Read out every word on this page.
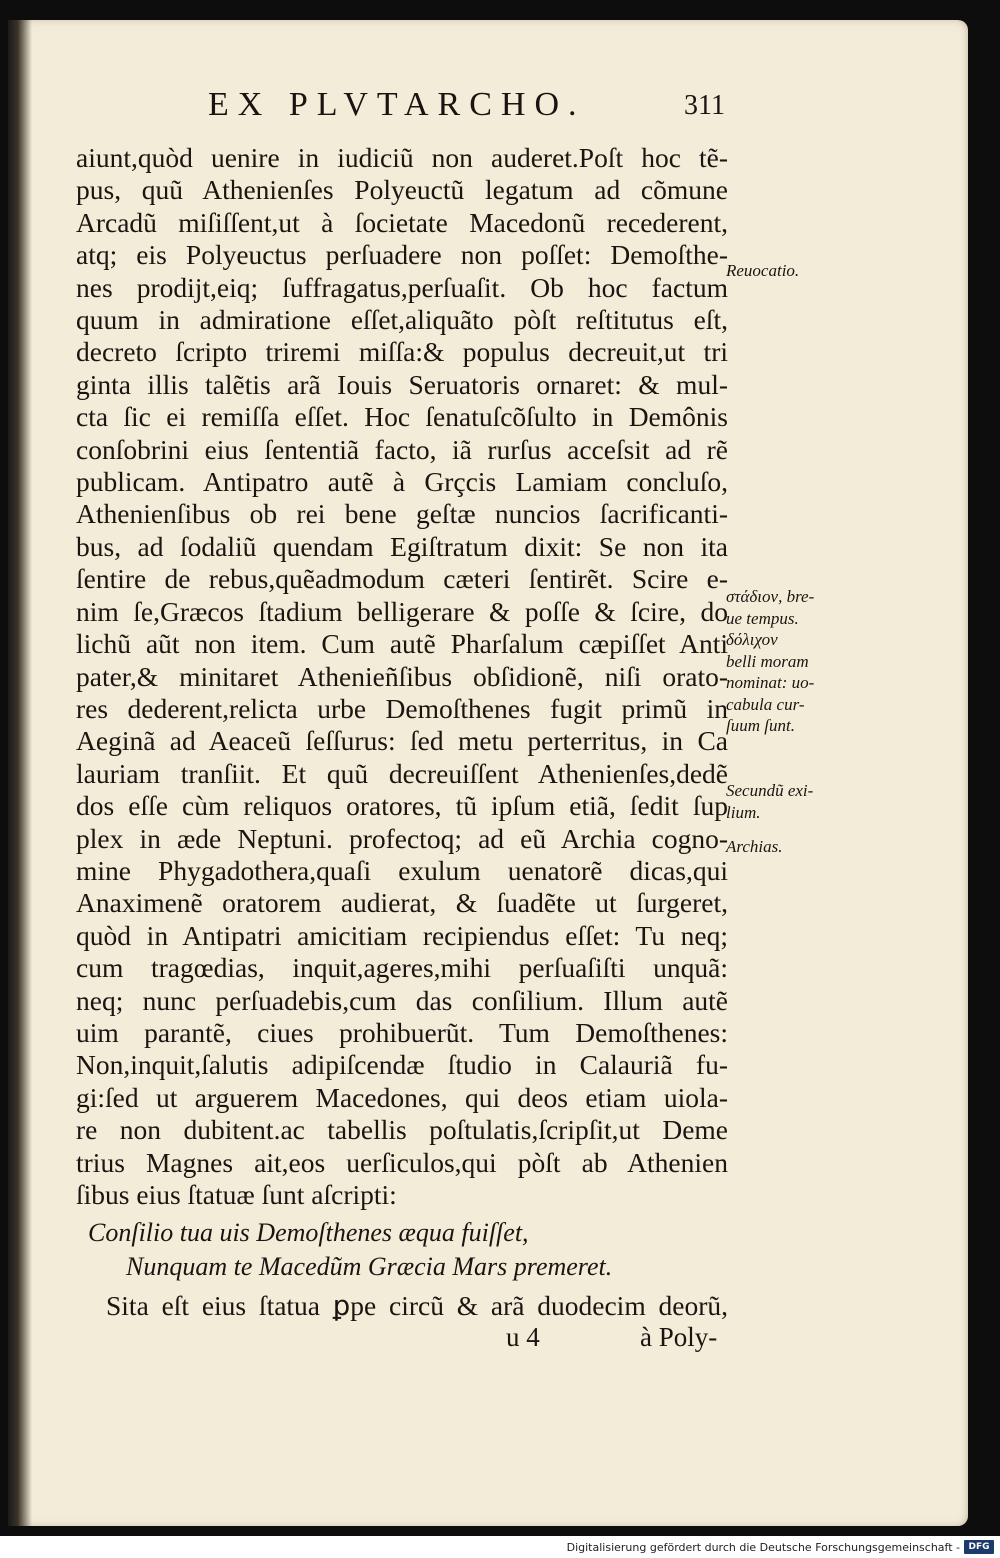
EX PLVTARCHO.	311
aiunt,quòd uenire in iudiciũ non auderet.Poſt hoc tẽ-
pus, quũ Athenienſes Polyeuctũ legatum ad cõmune
Arcadũ miſiſſent,ut à ſocietate Macedonũ recederent,
atq; eis Polyeuctus perſuadere non poſſet: Demoſthe-
nes prodijt,eiq; ſuffragatus,perſuaſit. Ob hoc factum
quum in admiratione eſſet,aliquãto pòſt reſtitutus eſt,
decreto ſcripto triremi miſſa:& populus decreuit,ut tri
ginta illis talẽtis arã Iouis Seruatoris ornaret: & mul-
cta ſic ei remiſſa eſſet. Hoc ſenatuſcõſulto in Demônis
conſobrini eius ſententiã facto, iã rurſus acceſsit ad rẽ
publicam. Antipatro autẽ à Grçcis Lamiam concluſo,
Athenienſibus ob rei bene geſtæ nuncios ſacrificanti-
bus, ad ſodaliũ quendam Egiſtratum dixit: Se non ita
ſentire de rebus,quẽadmodum cæteri ſentirẽt. Scire e-
nim ſe,Græcos ſtadium belligerare & poſſe & ſcire, do
lichũ aũt non item. Cum autẽ Pharſalum cæpiſſet Anti
pater,& minitaret Athenieñſibus obſidionẽ, niſi orato-
res dederent,relicta urbe Demoſthenes fugit primũ in
Aeginã ad Aeaceũ ſeſſurus: ſed metu perterritus, in Ca
lauriam tranſiit. Et quũ decreuiſſent Athenienſes,dedẽ
dos eſſe cùm reliquos oratores, tũ ipſum etiã, ſedit ſup
plex in æde Neptuni. profectoq; ad eũ Archia cogno-
mine Phygadothera,quaſi exulum uenatorẽ dicas,qui
Anaximenẽ oratorem audierat, & ſuadẽte ut ſurgeret,
quòd in Antipatri amicitiam recipiendus eſſet: Tu neq;
cum tragœdias, inquit,ageres,mihi perſuaſiſti unquã:
neq; nunc perſuadebis,cum das conſilium. Illum autẽ
uim parantẽ, ciues prohibuerũt. Tum Demoſthenes:
Non,inquit,ſalutis adipiſcendæ ſtudio in Calauriã fu-
gi:ſed ut arguerem Macedones, qui deos etiam uiola-
re non dubitent.ac tabellis poſtulatis,ſcripſit,ut Deme
trius Magnes ait,eos uerſiculos,qui pòſt ab Athenien
ſibus eius ſtatuæ ſunt aſcripti:
Conſilio tua uis Demoſthenes æqua fuiſſet,
Nunquam te Macedũm Græcia Mars premeret.
Sita eſt eius ſtatua ꝑpe circũ & arã duodecim deorũ,
u 4	à Poly-
Reuocatio.
στάδιον, bre-
ue tempus.
δόλιχον
belli moram
nominat: uo-
cabula cur-
ſuum ſunt.
Secundũ exi-
lium.
Archias.
Digitalisierung gefördert durch die Deutsche Forschungsgemeinschaft - DFG
